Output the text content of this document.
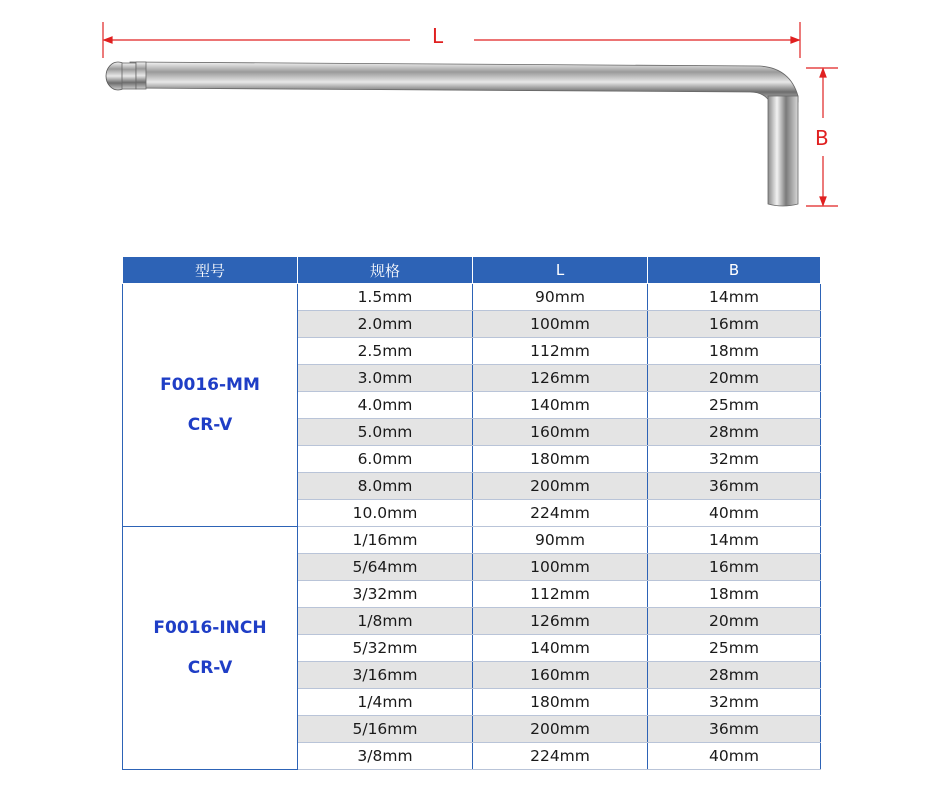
L
B
型号	规格	L	B

F0016-MM
CR-V	1.5mm	90mm	14mm
	2.0mm	100mm	16mm
	2.5mm	112mm	18mm
	3.0mm	126mm	20mm
	4.0mm	140mm	25mm
	5.0mm	160mm	28mm
	6.0mm	180mm	32mm
	8.0mm	200mm	36mm
	10.0mm	224mm	40mm

F0016-INCH
CR-V	1/16mm	90mm	14mm
	5/64mm	100mm	16mm
	3/32mm	112mm	18mm
	1/8mm	126mm	20mm
	5/32mm	140mm	25mm
	3/16mm	160mm	28mm
	1/4mm	180mm	32mm
	5/16mm	200mm	36mm
	3/8mm	224mm	40mm
